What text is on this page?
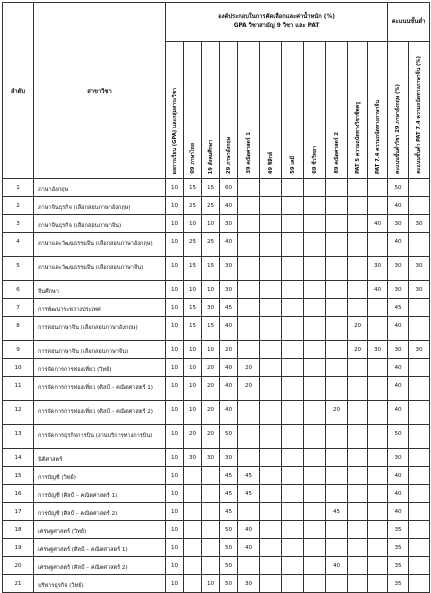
ลำดับ	สาขาวิชา	องค์ประกอบในการคัดเลือกและค่าน้ำหนัก (%)
GPA วิชาสามัญ 9 วิชา และ PAT											คะแนนขั้นต่ำ	
		ผลการเรียน (GPA) และกลุ่มสาระวิชา	09 ภาษาไทย	19 สังคมศึกษา	29 ภาษาอังกฤษ	39 คณิตศาสตร์ 1	49 ฟิสิกส์	59 เคมี	69 ชีววิทยา	89 คณิตศาสตร์ 2	PAT 5 ความถนัดทางวิชาชีพครู	PAT 7.4 ความถนัดทางภาษาจีน	คะแนนขั้นต่ำวิชา 29 ภาษาอังกฤษ (%)	คะแนนขั้นต่ำ PAT 7.4 ความถนัดทางภาษาจีน (%)
1	ภาษาอังกฤษ	10	15	15	60								50	
2	ภาษาจีนธุรกิจ (เลือกสอบภาษาอังกฤษ)	10	25	25	40								40	
3	ภาษาจีนธุรกิจ (เลือกสอบภาษาจีน)	10	10	10	30							40	30	30
4	ภาษาและวัฒนธรรมจีน (เลือกสอบภาษาอังกฤษ)	10	25	25	40								40	
5	ภาษาและวัฒนธรรมจีน (เลือกสอบภาษาจีน)	10	15	15	30							30	30	30
6	จีนศึกษา	10	10	10	30							40	30	30
7	การพัฒนาระหว่างประเทศ	10	15	30	45								45	
8	การสอนภาษาจีน (เลือกสอบภาษาอังกฤษ)	10	15	15	40						20		40	
9	การสอนภาษาจีน (เลือกสอบภาษาจีน)	10	10	10	20						20	30	30	30
10	การจัดการการท่องเที่ยว (วิทย์)	10	10	20	40	20							40	
11	การจัดการการท่องเที่ยว (ศิลป์ – คณิตศาสตร์ 1)	10	10	20	40	20							40	
12	การจัดการการท่องเที่ยว (ศิลป์ – คณิตศาสตร์ 2)	10	10	20	40					20			40	
13	การจัดการธุรกิจการบิน (งานบริการทางการบิน)	10	20	20	50								50	
14	นิติศาสตร์	10	30	30	30								30	
15	การบัญชี (วิทย์)	10			45	45							40	
16	การบัญชี (ศิลป์ – คณิตศาสตร์ 1)	10			45	45							40	
17	การบัญชี (ศิลป์ – คณิตศาสตร์ 2)	10			45					45			40	
18	เศรษฐศาสตร์ (วิทย์)	10			50	40							35	
19	เศรษฐศาสตร์ (ศิลป์ – คณิตศาสตร์ 1)	10			50	40							35	
20	เศรษฐศาสตร์ (ศิลป์ – คณิตศาสตร์ 2)	10			50					40			35	
21	บริหารธุรกิจ (วิทย์)	10		10	50	30							35	
